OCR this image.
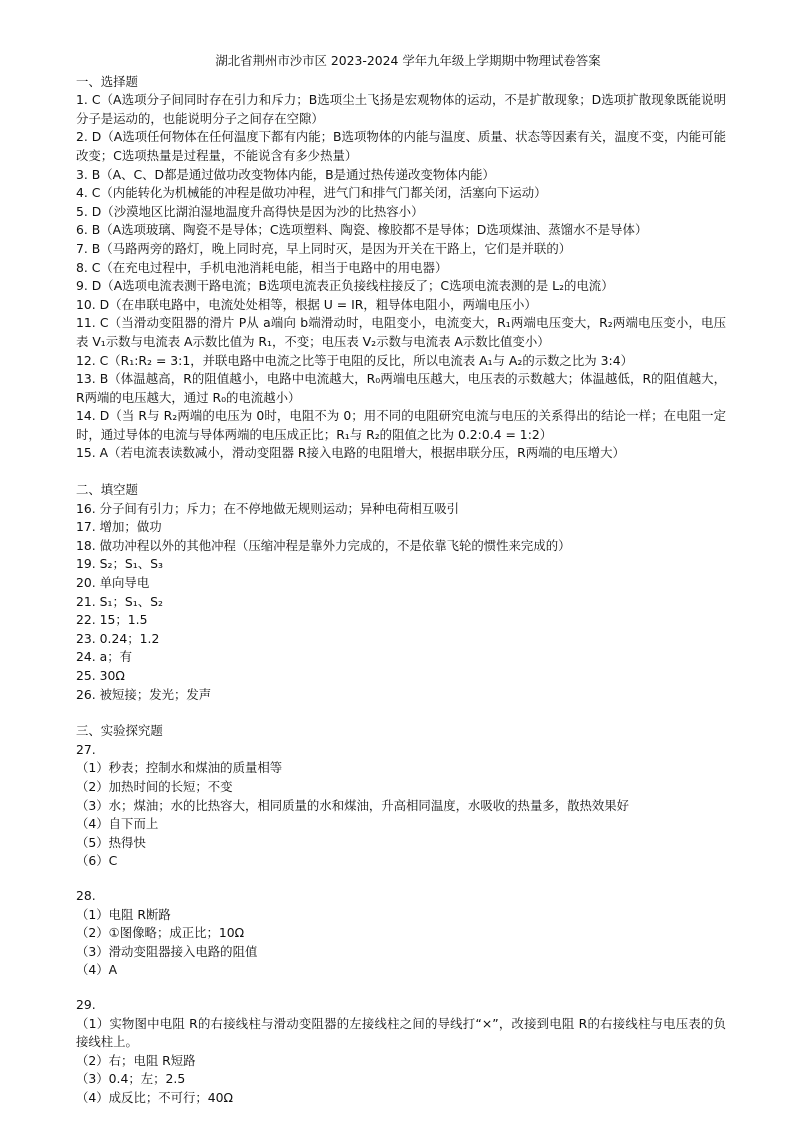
湖北省荆州市沙市区 2023-2024 学年九年级上学期期中物理试卷答案
一、选择题
1. C（A选项分子间同时存在引力和斥力；B选项尘土飞扬是宏观物体的运动，不是扩散现象；D选项扩散现象既能说明分子是运动的，也能说明分子之间存在空隙）
2. D（A选项任何物体在任何温度下都有内能；B选项物体的内能与温度、质量、状态等因素有关，温度不变，内能可能改变；C选项热量是过程量，不能说含有多少热量）
3. B（A、C、D都是通过做功改变物体内能，B是通过热传递改变物体内能）
4. C（内能转化为机械能的冲程是做功冲程，进气门和排气门都关闭，活塞向下运动）
5. D（沙漠地区比湖泊湿地温度升高得快是因为沙的比热容小）
6. B（A选项玻璃、陶瓷不是导体；C选项塑料、陶瓷、橡胶都不是导体；D选项煤油、蒸馏水不是导体）
7. B（马路两旁的路灯，晚上同时亮，早上同时灭，是因为开关在干路上，它们是并联的）
8. C（在充电过程中，手机电池消耗电能，相当于电路中的用电器）
9. D（A选项电流表测干路电流；B选项电流表正负接线柱接反了；C选项电流表测的是 L₂的电流）
10. D（在串联电路中，电流处处相等，根据 U = IR，粗导体电阻小，两端电压小）
11. C（当滑动变阻器的滑片 P从 a端向 b端滑动时，电阻变小，电流变大，R₁两端电压变大，R₂两端电压变小，电压表 V₁示数与电流表 A示数比值为 R₁，不变；电压表 V₂示数与电流表 A示数比值变小）
12. C（R₁:R₂ = 3:1，并联电路中电流之比等于电阻的反比，所以电流表 A₁与 A₂的示数之比为 3:4）
13. B（体温越高，R的阻值越小，电路中电流越大，R₀两端电压越大，电压表的示数越大；体温越低，R的阻值越大，R两端的电压越大，通过 R₀的电流越小）
14. D（当 R与 R₂两端的电压为 0时，电阻不为 0；用不同的电阻研究电流与电压的关系得出的结论一样；在电阻一定时，通过导体的电流与导体两端的电压成正比；R₁与 R₂的阻值之比为 0.2:0.4 = 1:2）
15. A（若电流表读数减小，滑动变阻器 R接入电路的电阻增大，根据串联分压，R两端的电压增大）
二、填空题
16. 分子间有引力；斥力；在不停地做无规则运动；异种电荷相互吸引
17. 增加；做功
18. 做功冲程以外的其他冲程（压缩冲程是靠外力完成的，不是依靠飞轮的惯性来完成的）
19. S₂；S₁、S₃
20. 单向导电
21. S₁；S₁、S₂
22. 15；1.5
23. 0.24；1.2
24. a；有
25. 30Ω
26. 被短接；发光；发声
三、实验探究题
27.
（1）秒表；控制水和煤油的质量相等
（2）加热时间的长短；不变
（3）水；煤油；水的比热容大，相同质量的水和煤油，升高相同温度，水吸收的热量多，散热效果好
（4）自下而上
（5）热得快
（6）C
28.
（1）电阻 R断路
（2）①图像略；成正比；10Ω
（3）滑动变阻器接入电路的阻值
（4）A
29.
（1）实物图中电阻 R的右接线柱与滑动变阻器的左接线柱之间的导线打“×”，改接到电阻 R的右接线柱与电压表的负接线柱上。
（2）右；电阻 R短路
（3）0.4；左；2.5
（4）成反比；不可行；40Ω
